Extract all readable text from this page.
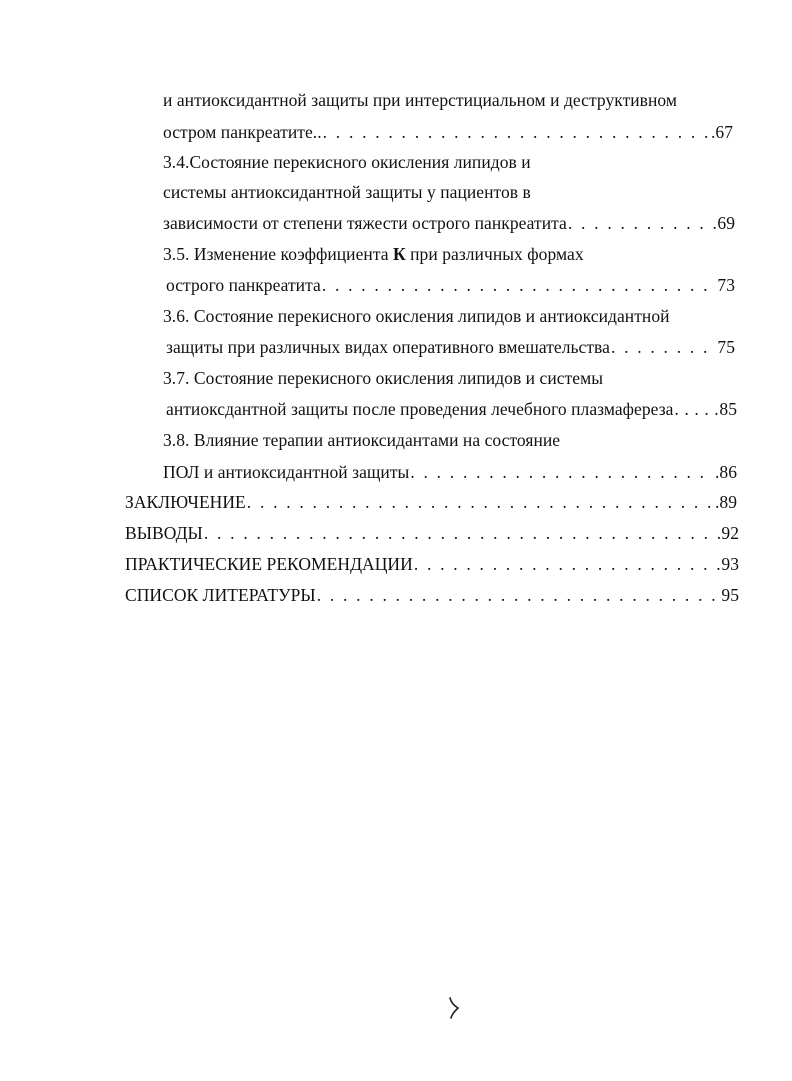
и антиоксидантной защиты при интерстициальном и деструктивном
остром панкреатите.. . . .	.67
3.4.Состояние перекисного окисления липидов и
системы антиоксидантной защиты у пациентов в
зависимости от степени тяжести острого панкреатита . . .	69
3.5. Изменение коэффициента К при различных формах
острого панкреатита . . .	73
3.6. Состояние перекисного окисления липидов и антиоксидантной
защиты при различных видах оперативного вмешательства . . .	75
3.7. Состояние перекисного окисления липидов и системы
антиоксдантной защиты после проведения лечебного плазмафереза . . .	85
3.8. Влияние терапии антиоксидантами на состояние
ПОЛ и антиоксидантной защиты . . .	.86
ЗАКЛЮЧЕНИЕ . . .	.89
ВЫВОДЫ . . .	92
ПРАКТИЧЕСКИЕ РЕКОМЕНДАЦИИ . . .	93
СПИСОК ЛИТЕРАТУРЫ . . .	95
